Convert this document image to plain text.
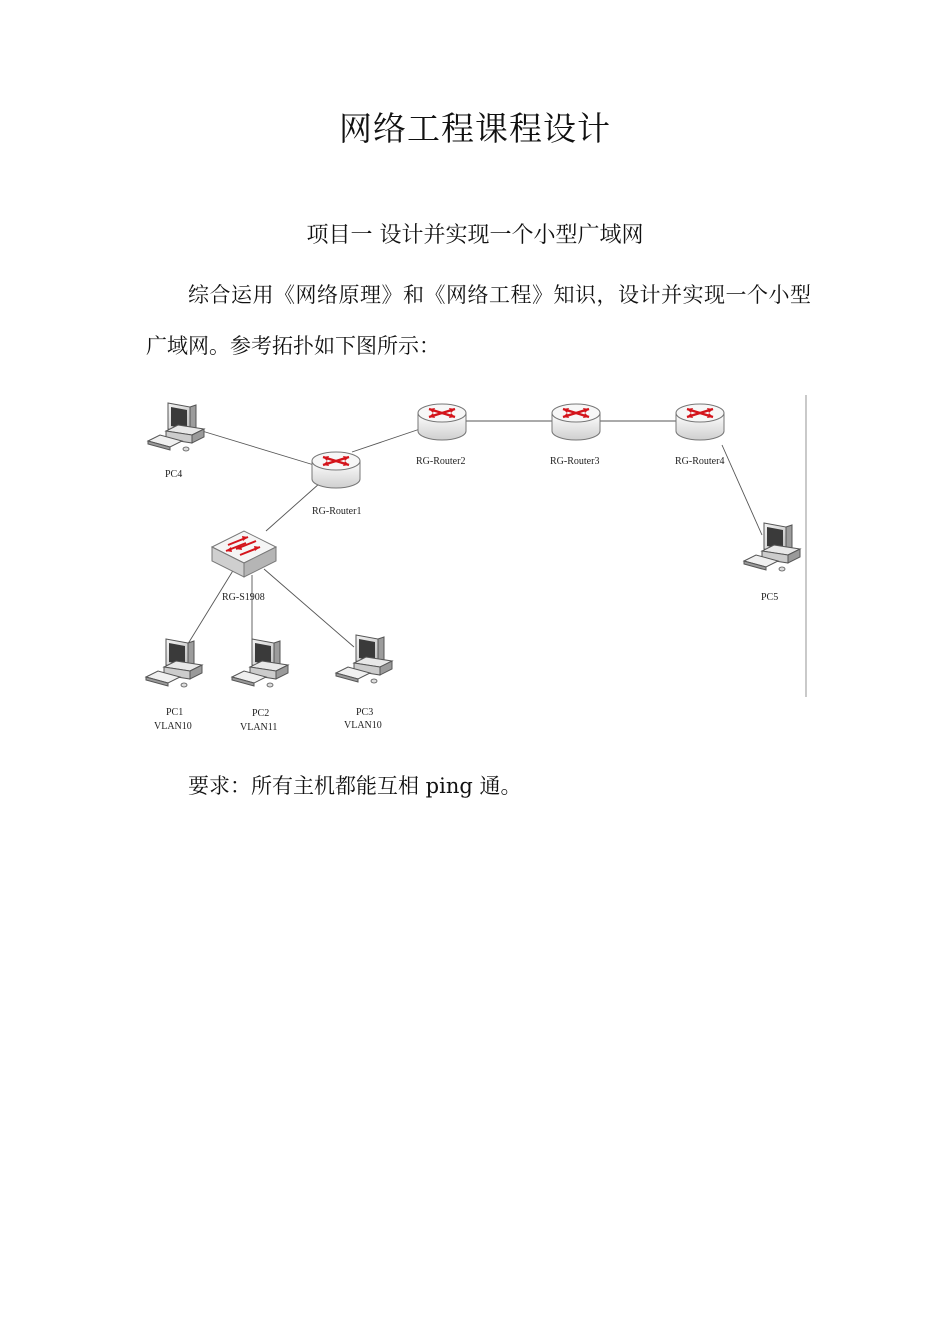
网络工程课程设计
项目一 设计并实现一个小型广域网
综合运用《网络原理》和《网络工程》知识，设计并实现一个小型广域网。参考拓扑如下图所示：
PC4
RG-Router1
RG-Router2	RG-Router3	RG-Router4
RG-S1908	PC5
PC1
VLAN10
PC2
VLAN11
PC3
VLAN10
要求：所有主机都能互相 ping 通。
